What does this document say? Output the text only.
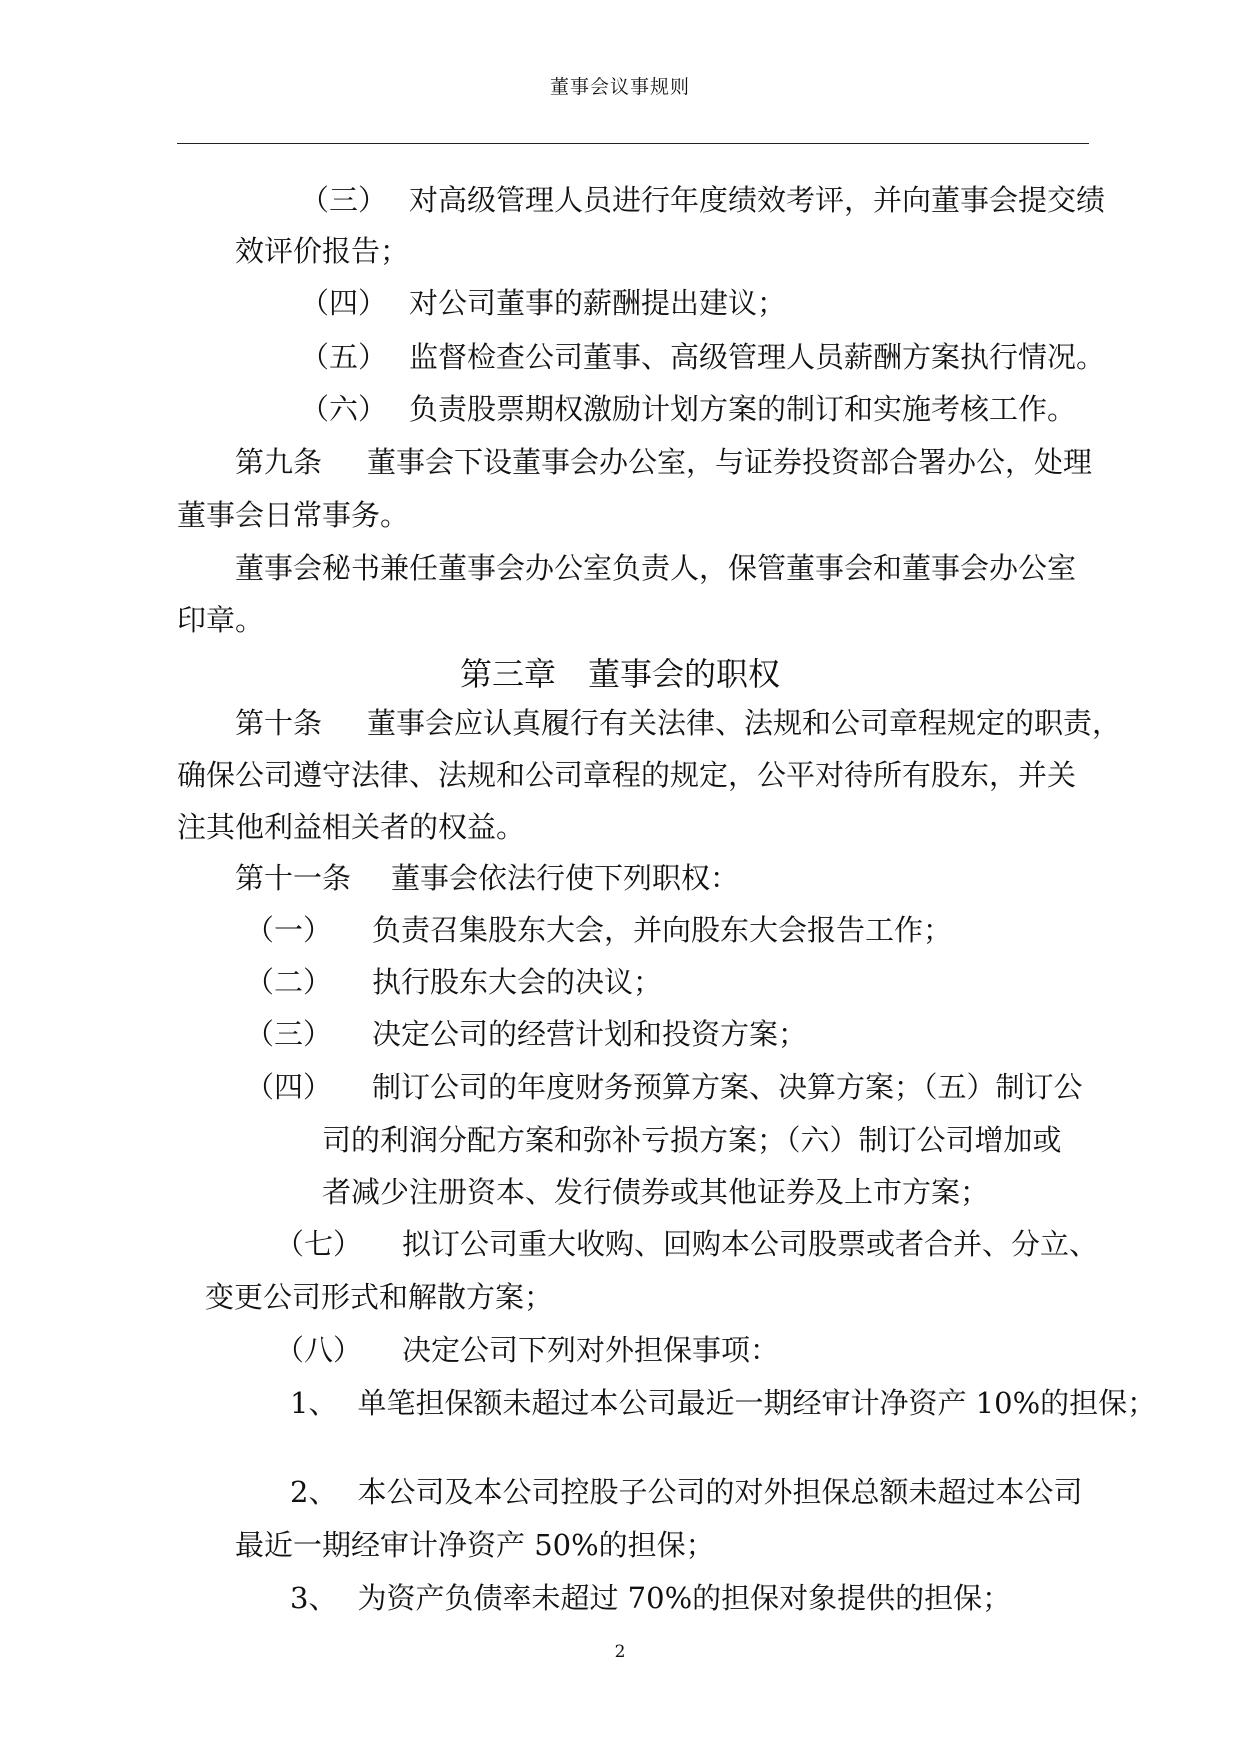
董事会议事规则
（三） 对高级管理人员进行年度绩效考评，并向董事会提交绩
效评价报告；
（四） 对公司董事的薪酬提出建议；
（五） 监督检查公司董事、高级管理人员薪酬方案执行情况。
（六） 负责股票期权激励计划方案的制订和实施考核工作。
第九条 董事会下设董事会办公室，与证券投资部合署办公，处理
董事会日常事务。
董事会秘书兼任董事会办公室负责人，保管董事会和董事会办公室
印章。
第三章 董事会的职权
第十条 董事会应认真履行有关法律、法规和公司章程规定的职责，
确保公司遵守法律、法规和公司章程的规定，公平对待所有股东，并关
注其他利益相关者的权益。
第十一条 董事会依法行使下列职权：
（一） 负责召集股东大会，并向股东大会报告工作；
（二） 执行股东大会的决议；
（三） 决定公司的经营计划和投资方案；
（四） 制订公司的年度财务预算方案、决算方案；（五）制订公
司的利润分配方案和弥补亏损方案；（六）制订公司增加或
者减少注册资本、发行债券或其他证券及上市方案；
（七） 拟订公司重大收购、回购本公司股票或者合并、分立、
变更公司形式和解散方案；
（八） 决定公司下列对外担保事项：
1、 单笔担保额未超过本公司最近一期经审计净资产 10%的担保；
2、 本公司及本公司控股子公司的对外担保总额未超过本公司
最近一期经审计净资产 50%的担保；
3、 为资产负债率未超过 70%的担保对象提供的担保；
2
